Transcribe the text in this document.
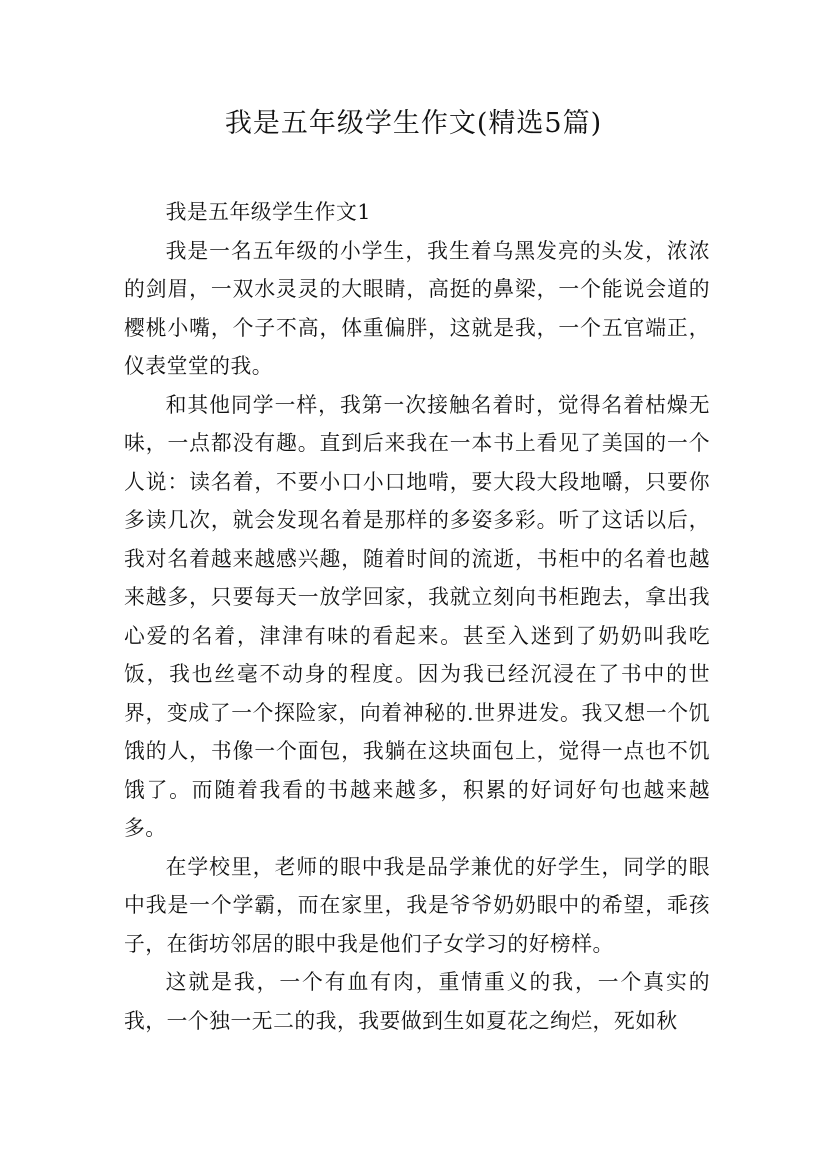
我是五年级学生作文(精选5篇)

我是五年级学生作文1

我是一名五年级的小学生，我生着乌黑发亮的头发，浓浓的剑眉，一双水灵灵的大眼睛，高挺的鼻梁，一个能说会道的樱桃小嘴，个子不高，体重偏胖，这就是我，一个五官端正，仪表堂堂的我。

和其他同学一样，我第一次接触名着时，觉得名着枯燥无味，一点都没有趣。直到后来我在一本书上看见了美国的一个人说：读名着，不要小口小口地啃，要大段大段地嚼，只要你多读几次，就会发现名着是那样的多姿多彩。听了这话以后，我对名着越来越感兴趣，随着时间的流逝，书柜中的名着也越来越多，只要每天一放学回家，我就立刻向书柜跑去，拿出我心爱的名着，津津有味的看起来。甚至入迷到了奶奶叫我吃饭，我也丝毫不动身的程度。因为我已经沉浸在了书中的世界，变成了一个探险家，向着神秘的.世界进发。我又想一个饥饿的人，书像一个面包，我躺在这块面包上，觉得一点也不饥饿了。而随着我看的书越来越多，积累的好词好句也越来越多。

在学校里，老师的眼中我是品学兼优的好学生，同学的眼中我是一个学霸，而在家里，我是爷爷奶奶眼中的希望，乖孩子，在街坊邻居的眼中我是他们子女学习的好榜样。

这就是我，一个有血有肉，重情重义的我，一个真实的我，一个独一无二的我，我要做到生如夏花之绚烂，死如秋
